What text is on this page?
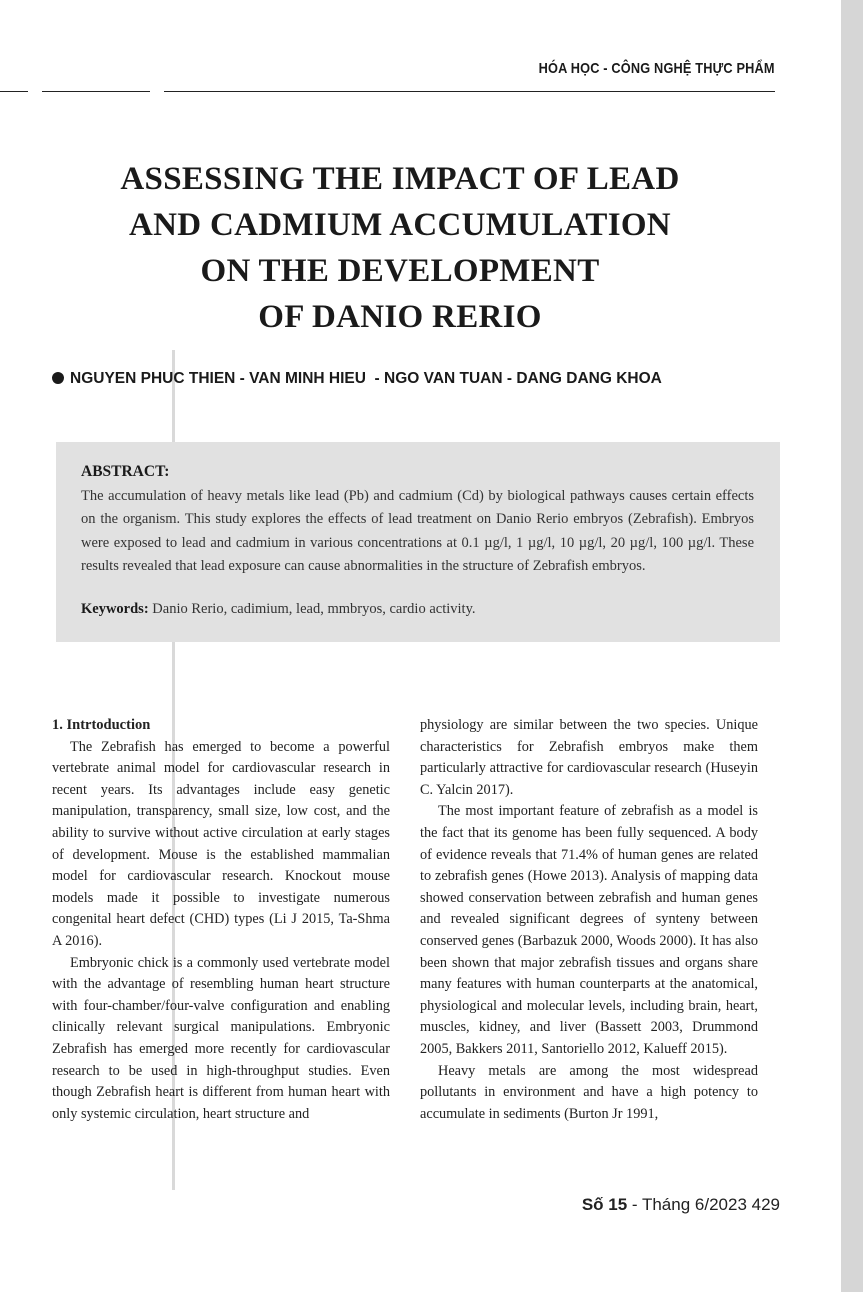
HÓA HỌC - CÔNG NGHỆ THỰC PHẨM
ASSESSING THE IMPACT OF LEAD
AND CADMIUM ACCUMULATION
ON THE DEVELOPMENT
OF DANIO RERIO
NGUYEN PHUC THIEN - VAN MINH HIEU  - NGO VAN TUAN - DANG DANG KHOA
ABSTRACT:
The accumulation of heavy metals like lead (Pb) and cadmium (Cd) by biological pathways causes certain effects on the organism. This study explores the effects of lead treatment on Danio Rerio embryos (Zebrafish). Embryos were exposed to lead and cadmium in various concentrations at 0.1 µg/l, 1 µg/l, 10 µg/l, 20 µg/l, 100 µg/l. These results revealed that lead exposure can cause abnormalities in the structure of Zebrafish embryos.
Keywords: Danio Rerio, cadimium, lead, mmbryos, cardio activity.
1. Intrtoduction

The Zebrafish has emerged to become a powerful vertebrate animal model for cardiovascular research in recent years. Its advantages include easy genetic manipulation, transparency, small size, low cost, and the ability to survive without active circulation at early stages of development. Mouse is the established mammalian model for cardiovascular research. Knockout mouse models made it possible to investigate numerous congenital heart defect (CHD) types (Li J 2015, Ta-Shma A 2016).

Embryonic chick is a commonly used vertebrate model with the advantage of resembling human heart structure with four-chamber/four-valve configuration and enabling clinically relevant surgical manipulations. Embryonic Zebrafish has emerged more recently for cardiovascular research to be used in high-throughput studies. Even though Zebrafish heart is different from human heart with only systemic circulation, heart structure and

physiology are similar between the two species. Unique characteristics for Zebrafish embryos make them particularly attractive for cardiovascular research (Huseyin C. Yalcin 2017).

The most important feature of zebrafish as a model is the fact that its genome has been fully sequenced. A body of evidence reveals that 71.4% of human genes are related to zebrafish genes (Howe 2013). Analysis of mapping data showed conservation between zebrafish and human genes and revealed significant degrees of synteny between conserved genes (Barbazuk 2000, Woods 2000). It has also been shown that major zebrafish tissues and organs share many features with human counterparts at the anatomical, physiological and molecular levels, including brain, heart, muscles, kidney, and liver (Bassett 2003, Drummond 2005, Bakkers 2011, Santoriello 2012, Kalueff 2015).

Heavy metals are among the most widespread pollutants in environment and have a high potency to accumulate in sediments (Burton Jr 1991,

Số 15 - Tháng 6/2023 429
